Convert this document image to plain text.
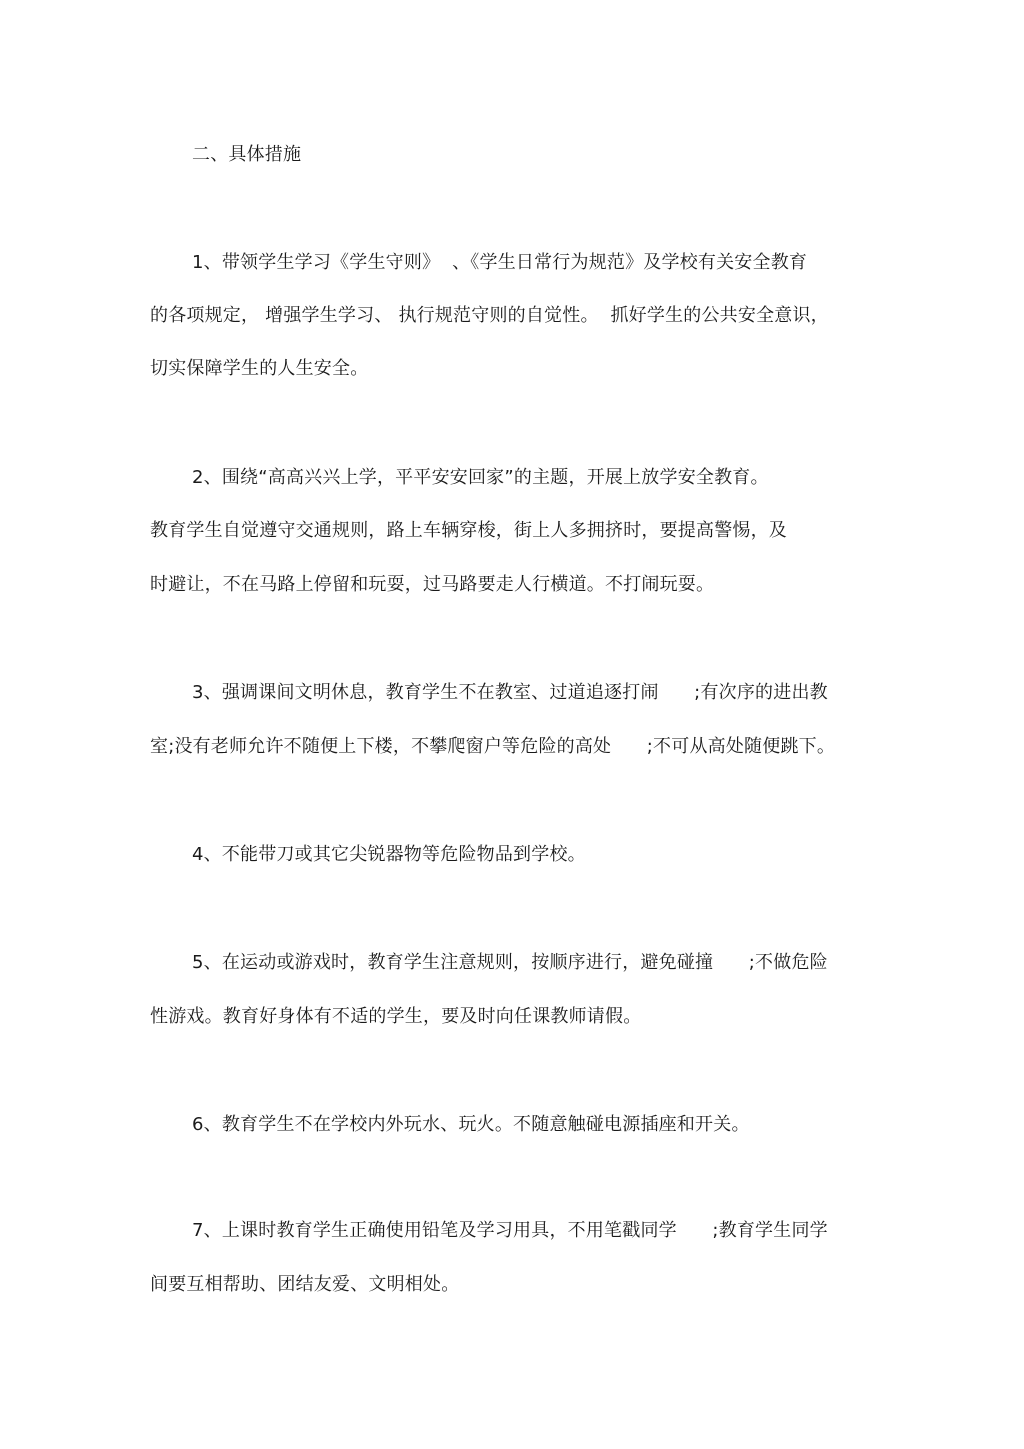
二、具体措施
1、带领学生学习《学生守则》  、《学生日常行为规范》及学校有关安全教育
的各项规定， 增强学生学习、 执行规范守则的自觉性。  抓好学生的公共安全意识，
切实保障学生的人生安全。
2、围绕“高高兴兴上学，平平安安回家”的主题，开展上放学安全教育。
教育学生自觉遵守交通规则，路上车辆穿梭，街上人多拥挤时，要提高警惕，及
时避让，不在马路上停留和玩耍，过马路要走人行横道。不打闹玩耍。
3、强调课间文明休息，教育学生不在教室、过道追逐打闹      ;有次序的进出教
室;没有老师允许不随便上下楼，不攀爬窗户等危险的高处      ;不可从高处随便跳下。
4、不能带刀或其它尖锐器物等危险物品到学校。
5、在运动或游戏时，教育学生注意规则，按顺序进行，避免碰撞      ;不做危险
性游戏。教育好身体有不适的学生，要及时向任课教师请假。
6、教育学生不在学校内外玩水、玩火。不随意触碰电源插座和开关。
7、上课时教育学生正确使用铅笔及学习用具，不用笔戳同学      ;教育学生同学
间要互相帮助、团结友爱、文明相处。
